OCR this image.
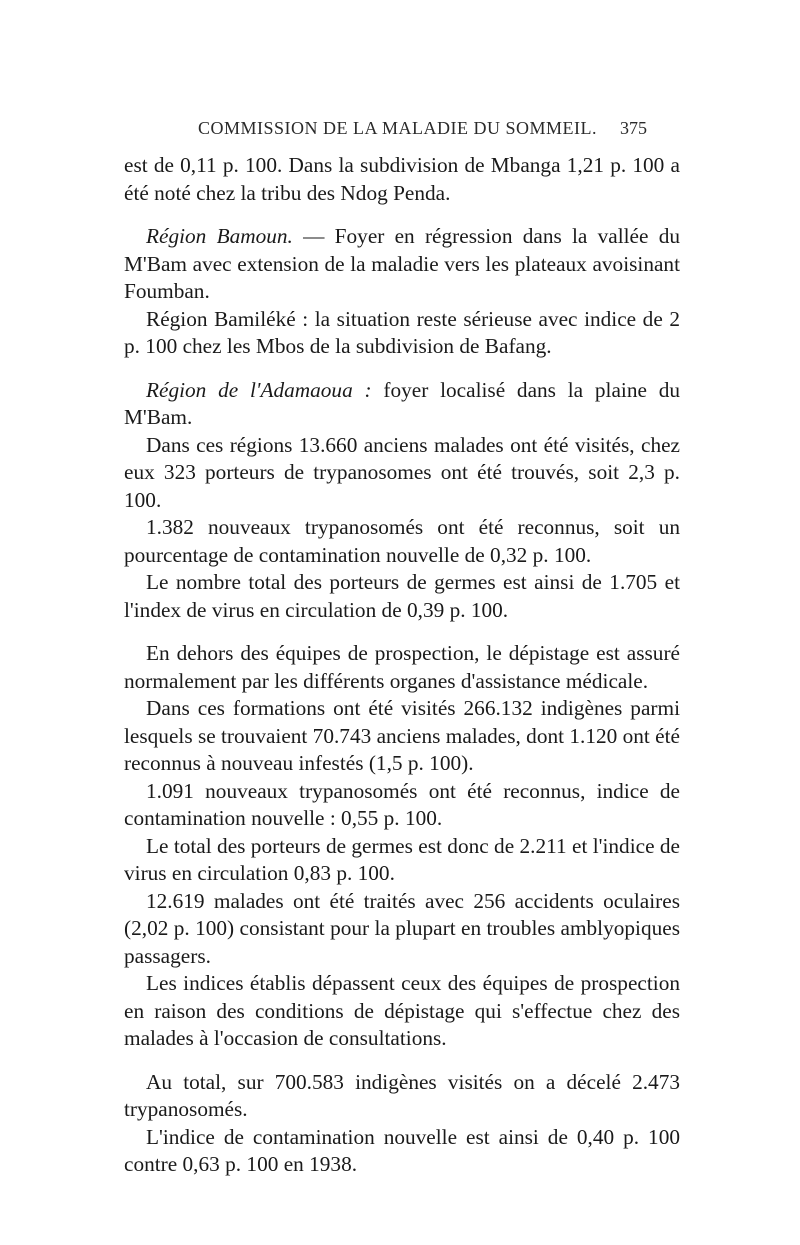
COMMISSION DE LA MALADIE DU SOMMEIL. 375

est de 0,11 p. 100. Dans la subdivision de Mbanga 1,21 p. 100 a été noté chez la tribu des Ndog Penda.

Région Bamoun. — Foyer en régression dans la vallée du M'Bam avec extension de la maladie vers les plateaux avoisinant Foumban.

Région Bamiléké : la situation reste sérieuse avec indice de 2 p. 100 chez les Mbos de la subdivision de Bafang.

Région de l'Adamaoua : foyer localisé dans la plaine du M'Bam.

Dans ces régions 13.660 anciens malades ont été visités, chez eux 323 porteurs de trypanosomes ont été trouvés, soit 2,3 p. 100.

1.382 nouveaux trypanosomés ont été reconnus, soit un pourcentage de contamination nouvelle de 0,32 p. 100.

Le nombre total des porteurs de germes est ainsi de 1.705 et l'index de virus en circulation de 0,39 p. 100.

En dehors des équipes de prospection, le dépistage est assuré normalement par les différents organes d'assistance médicale.

Dans ces formations ont été visités 266.132 indigènes parmi lesquels se trouvaient 70.743 anciens malades, dont 1.120 ont été reconnus à nouveau infestés (1,5 p. 100).

1.091 nouveaux trypanosomés ont été reconnus, indice de contamination nouvelle : 0,55 p. 100.

Le total des porteurs de germes est donc de 2.211 et l'indice de virus en circulation 0,83 p. 100.

12.619 malades ont été traités avec 256 accidents oculaires (2,02 p. 100) consistant pour la plupart en troubles amblyopiques passagers.

Les indices établis dépassent ceux des équipes de prospection en raison des conditions de dépistage qui s'effectue chez des malades à l'occasion de consultations.

Au total, sur 700.583 indigènes visités on a décelé 2.473 trypanosomés.

L'indice de contamination nouvelle est ainsi de 0,40 p. 100 contre 0,63 p. 100 en 1938.
